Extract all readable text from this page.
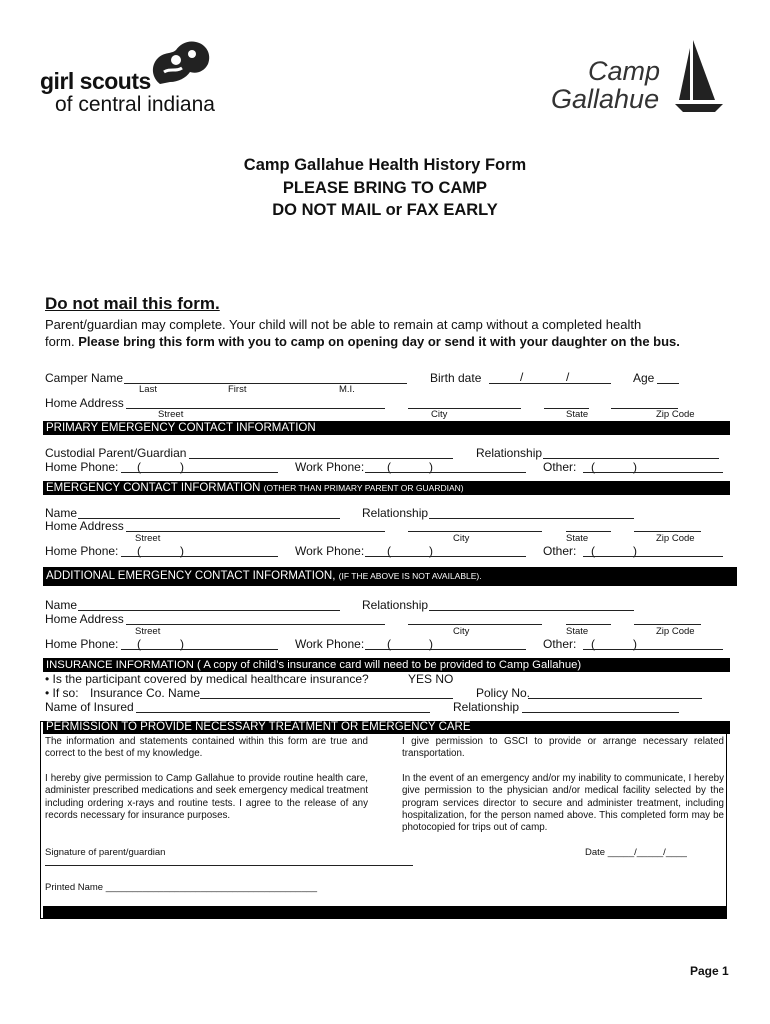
girl scouts
of central indiana
Camp
Gallahue
Camp Gallahue Health History Form
PLEASE BRING TO CAMP
DO NOT MAIL or FAX EARLY
Do not mail this form.
Parent/guardian may complete. Your child will not be able to remain at camp without a completed health
form. Please bring this form with you to camp on opening day or send it with your daughter on the bus.
Camper Name
Last	First	M.I.
Birth date	/	/	Age
Home Address
Street	City	State	Zip Code
PRIMARY EMERGENCY CONTACT INFORMATION
Custodial Parent/Guardian	Relationship
Home Phone: (	)	Work Phone: (	)	Other: (	)
EMERGENCY CONTACT INFORMATION (OTHER THAN PRIMARY PARENT OR GUARDIAN)
Name	Relationship
Home Address
Street	City	State	Zip Code
Home Phone: (	)	Work Phone: (	)	Other: (	)
ADDITIONAL EMERGENCY CONTACT INFORMATION, (IF THE ABOVE IS NOT AVAILABLE).
Name	Relationship
Home Address
Street	City	State	Zip Code
Home Phone: (	)	Work Phone: (	)	Other: (	)
INSURANCE INFORMATION ( A copy of child’s insurance card will need to be provided to Camp Gallahue)
• Is the participant covered by medical healthcare insurance?	YES NO
• If so: Insurance Co. Name	Policy No.
Name of Insured	Relationship
PERMISSION TO PROVIDE NECESSARY TREATMENT OR EMERGENCY CARE
The information and statements contained within this form are true and correct to the best of my knowledge.
I hereby give permission to Camp Gallahue to provide routine health care, administer prescribed medications and seek emergency medical treatment including ordering x-rays and routine tests. I agree to the release of any records necessary for insurance purposes.
I give permission to GSCI to provide or arrange necessary related transportation.
In the event of an emergency and/or my inability to communicate, I hereby give permission to the physician and/or medical facility selected by the program services director to secure and administer treatment, including hospitalization, for the person named above. This completed form may be photocopied for trips out of camp.
Signature of parent/guardian	Date _____/_____/____
Printed Name ________________________________________
Page 1
